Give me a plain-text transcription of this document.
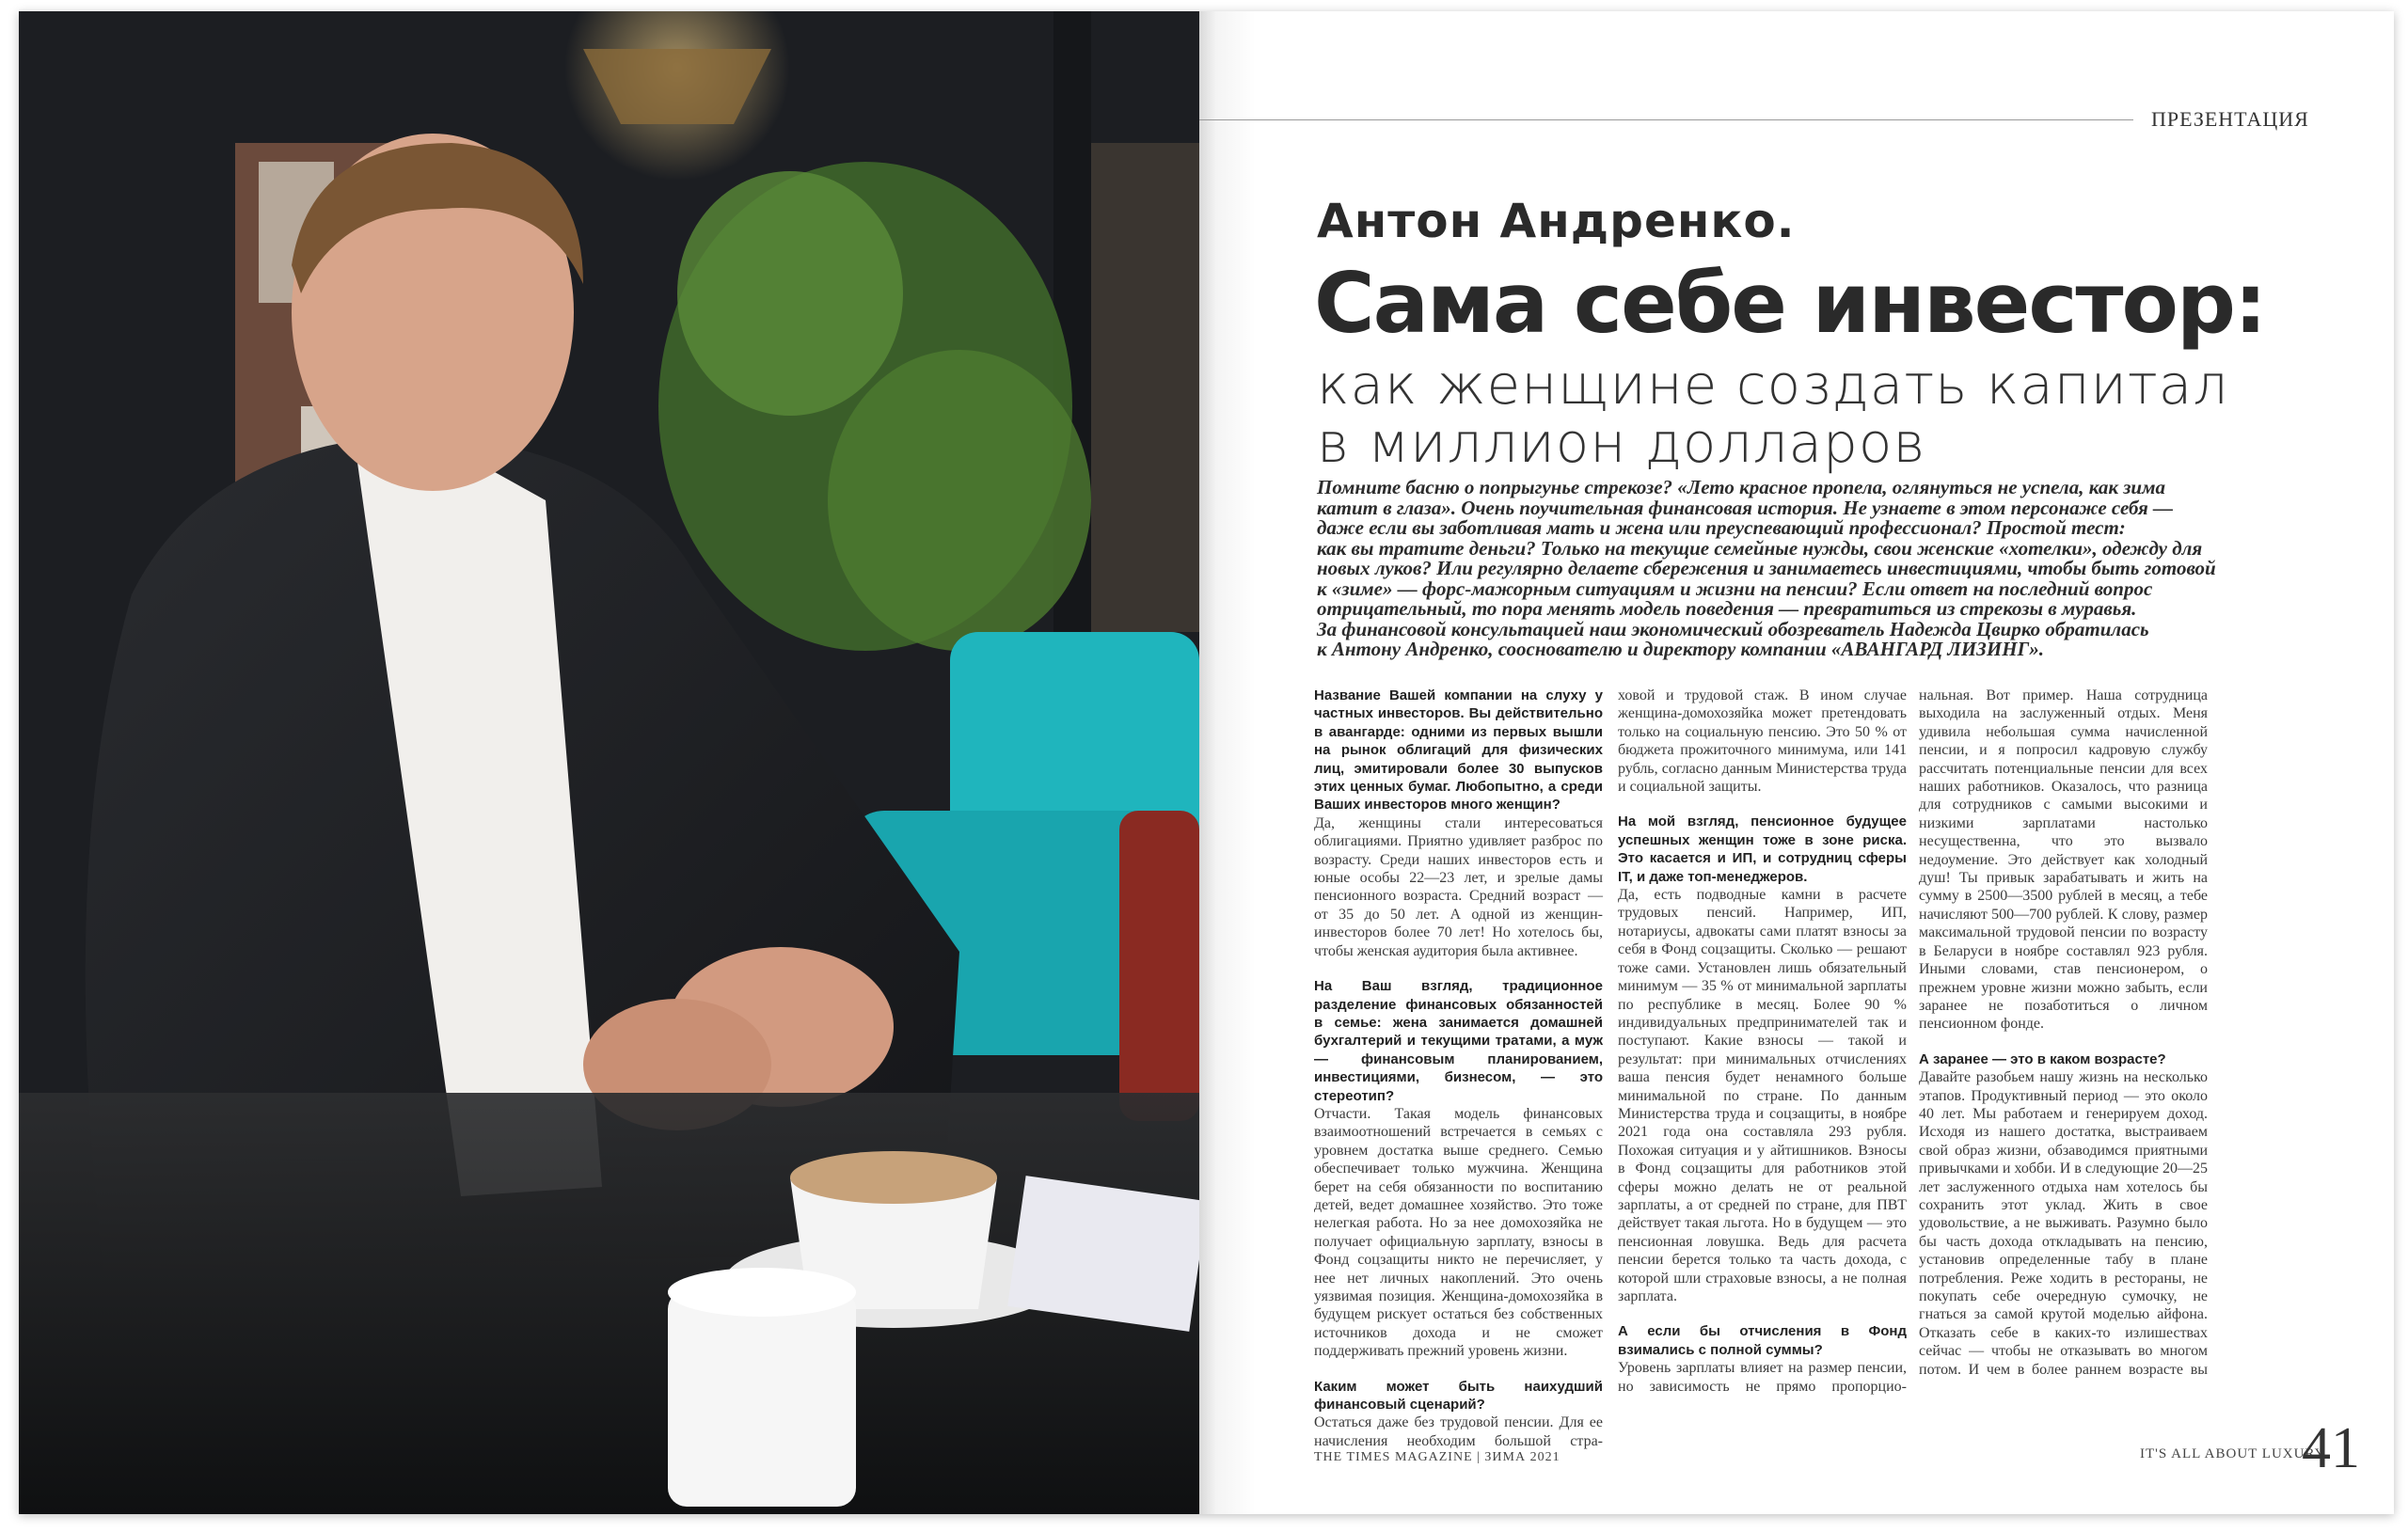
ПРЕЗЕНТАЦИЯ
Антон Андренко.
Сама себе инвестор:
как женщине создать капитал
в миллион долларов

Помните басню о попрыгунье стрекозе? «Лето красное пропела, оглянуться не успела, как зима

катит в глаза». Очень поучительная финансовая история. Не узнаете в этом персонаже себя —

даже если вы заботливая мать и жена или преуспевающий профессионал? Простой тест:

как вы тратите деньги? Только на текущие семейные нужды, свои женские «хотелки», одежду для

новых луков? Или регулярно делаете сбережения и занимаетесь инвестициями, чтобы быть готовой

к «зиме» — форс-мажорным ситуациям и жизни на пенсии? Если ответ на последний вопрос

отрицательный, то пора менять модель поведения — превратиться из стрекозы в муравья.

За финансовой консультацией наш экономический обозреватель Надежда Цвирко обратилась

к Антону Андренко, сооснователю и директору компании «АВАНГАРД ЛИЗИНГ».

Название Вашей компании на слуху у частных инвесторов. Вы действительно в авангарде: одними из первых вышли на рынок облигаций для физических лиц, эмитировали более 30 выпусков этих ценных бумаг. Любопытно, а среди Ваших инвесторов много женщин?

Да, женщины стали интересоваться облигациями. Приятно удивляет разброс по возрасту. Среди наших инвесторов есть и юные особы 22—23 лет, и зрелые дамы пенсионного возраста. Средний возраст — от 35 до 50 лет. А одной из женщин-инвесторов более 70 лет! Но хотелось бы, чтобы женская аудитория была активнее.

На Ваш взгляд, традиционное разделение финансовых обязанностей в семье: жена занимается домашней бухгалтерий и текущими тратами, а муж — финансовым планированием, инвестициями, бизнесом, — это стереотип?

Отчасти. Такая модель финансовых взаимоотношений встречается в семьях с уровнем достатка выше среднего. Семью обеспечивает только мужчина. Женщина берет на себя обязанности по воспитанию детей, ведет домашнее хозяйство. Это тоже нелегкая работа. Но за нее домохозяйка не получает официальную зарплату, взносы в Фонд соцзащиты никто не перечисляет, у нее нет личных накоплений. Это очень уязвимая позиция. Женщина-домохозяйка в будущем рискует остаться без собственных источников дохода и не сможет поддерживать прежний уровень жизни.

Каким может быть наихудший финансовый сценарий?

Остаться даже без трудовой пенсии. Для ее начисления необходим большой стра-

ховой и трудовой стаж. В ином случае женщина-домохозяйка может претендовать только на социальную пенсию. Это 50 % от бюджета прожиточного минимума, или 141 рубль, согласно данным Министерства труда и социальной защиты.

На мой взгляд, пенсионное будущее успешных женщин тоже в зоне риска. Это касается и ИП, и сотрудниц сферы IT, и даже топ-менеджеров.

Да, есть подводные камни в расчете трудовых пенсий. Например, ИП, нотариусы, адвокаты сами платят взносы за себя в Фонд соцзащиты. Сколько — решают тоже сами. Установлен лишь обязательный минимум — 35 % от минимальной зарплаты по республике в месяц. Более 90 % индивидуальных предпринимателей так и поступают. Какие взносы — такой и результат: при минимальных отчислениях ваша пенсия будет ненамного больше минимальной по стране. По данным Министерства труда и соцзащиты, в ноябре 2021 года она составляла 293 рубля. Похожая ситуация и у айтишников. Взносы в Фонд соцзащиты для работников этой сферы можно делать не от реальной зарплаты, а от средней по стране, для ПВТ действует такая льгота. Но в будущем — это пенсионная ловушка. Ведь для расчета пенсии берется только та часть дохода, с которой шли страховые взносы, а не полная зарплата.

А если бы отчисления в Фонд взимались с полной суммы?

Уровень зарплаты влияет на размер пенсии, но зависимость не прямо пропорцио-

нальная. Вот пример. Наша сотрудница выходила на заслуженный отдых. Меня удивила небольшая сумма начисленной пенсии, и я попросил кадровую службу рассчитать потенциальные пенсии для всех наших работников. Оказалось, что разница для сотрудников с самыми высокими и низкими зарплатами настолько несущественна, что это вызвало недоумение. Это действует как холодный душ! Ты привык зарабатывать и жить на сумму в 2500—3500 рублей в месяц, а тебе начисляют 500—700 рублей. К слову, размер максимальной трудовой пенсии по возрасту в Беларуси в ноябре составлял 923 рубля. Иными словами, став пенсионером, о прежнем уровне жизни можно забыть, если заранее не позаботиться о личном пенсионном фонде.

А заранее — это в каком возрасте?

Давайте разобьем нашу жизнь на несколько этапов. Продуктивный период — это около 40 лет. Мы работаем и генерируем доход. Исходя из нашего достатка, выстраиваем свой образ жизни, обзаводимся приятными привычками и хобби. И в следующие 20—25 лет заслуженного отдыха нам хотелось бы сохранить этот уклад. Жить в свое удовольствие, а не выживать. Разумно было бы часть дохода откладывать на пенсию, установив определенные табу в плане потребления. Реже ходить в рестораны, не покупать себе очередную сумочку, не гнаться за самой крутой моделью айфона. Отказать себе в каких-то излишествах сейчас — чтобы не отказывать во многом потом. И чем в более раннем возрасте вы

THE TIMES MAGAZINE | ЗИМА 2021	IT'S ALL ABOUT LUXURY
41
